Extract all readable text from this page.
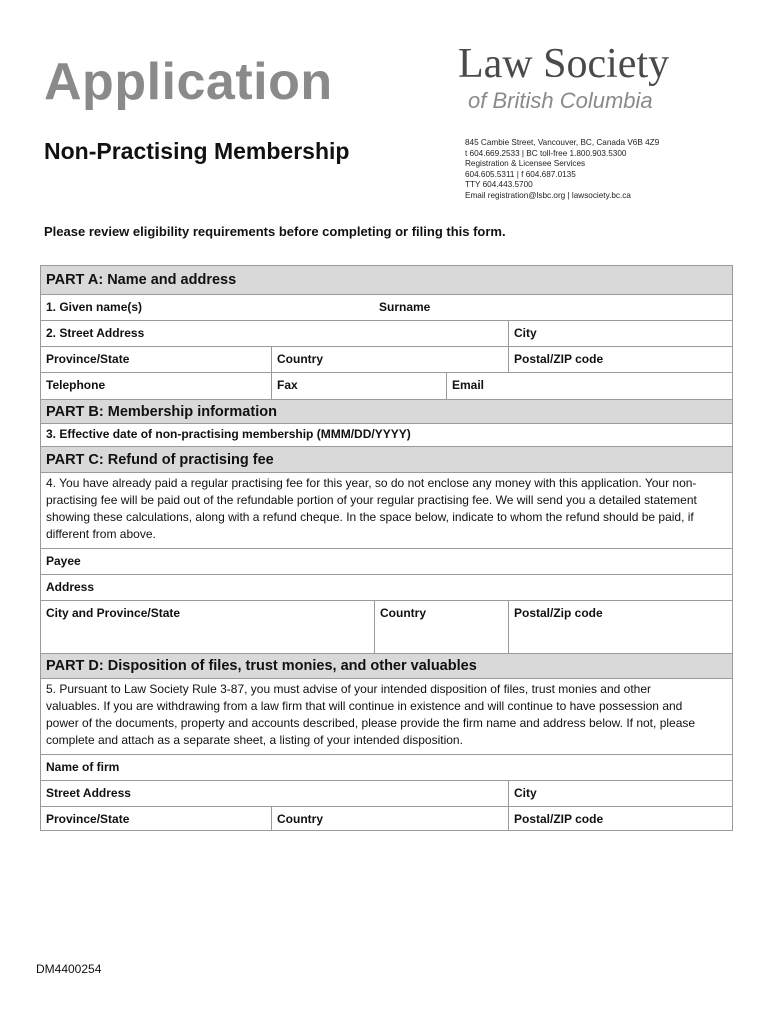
Application	Law Society
of British Columbia
Non-Practising Membership	845 Cambie Street, Vancouver, BC, Canada V6B 4Z9
t 604.669.2533 | BC toll-free 1.800.903.5300
Registration & Licensee Services
604.605.5311 | f 604.687.0135
TTY 604.443.5700
Email registration@lsbc.org | lawsociety.bc.ca
Please review eligibility requirements before completing or filing this form.
PART A: Name and address
1. Given name(s)	Surname
2. Street Address	City
Province/State	Country	Postal/ZIP code
Telephone	Fax	Email
PART B: Membership information
3. Effective date of non-practising membership (MMM/DD/YYYY)
PART C: Refund of practising fee
4. You have already paid a regular practising fee for this year, so do not enclose any money with this application. Your non-
practising fee will be paid out of the refundable portion of your regular practising fee. We will send you a detailed statement
showing these calculations, along with a refund cheque. In the space below, indicate to whom the refund should be paid, if
different from above.
Payee
Address
City and Province/State	Country	Postal/Zip code
PART D: Disposition of files, trust monies, and other valuables
5. Pursuant to Law Society Rule 3-87, you must advise of your intended disposition of files, trust monies and other
valuables. If you are withdrawing from a law firm that will continue in existence and will continue to have possession and
power of the documents, property and accounts described, please provide the firm name and address below. If not, please
complete and attach as a separate sheet, a listing of your intended disposition.
Name of firm
Street Address	City
Province/State	Country	Postal/ZIP code
DM4400254
